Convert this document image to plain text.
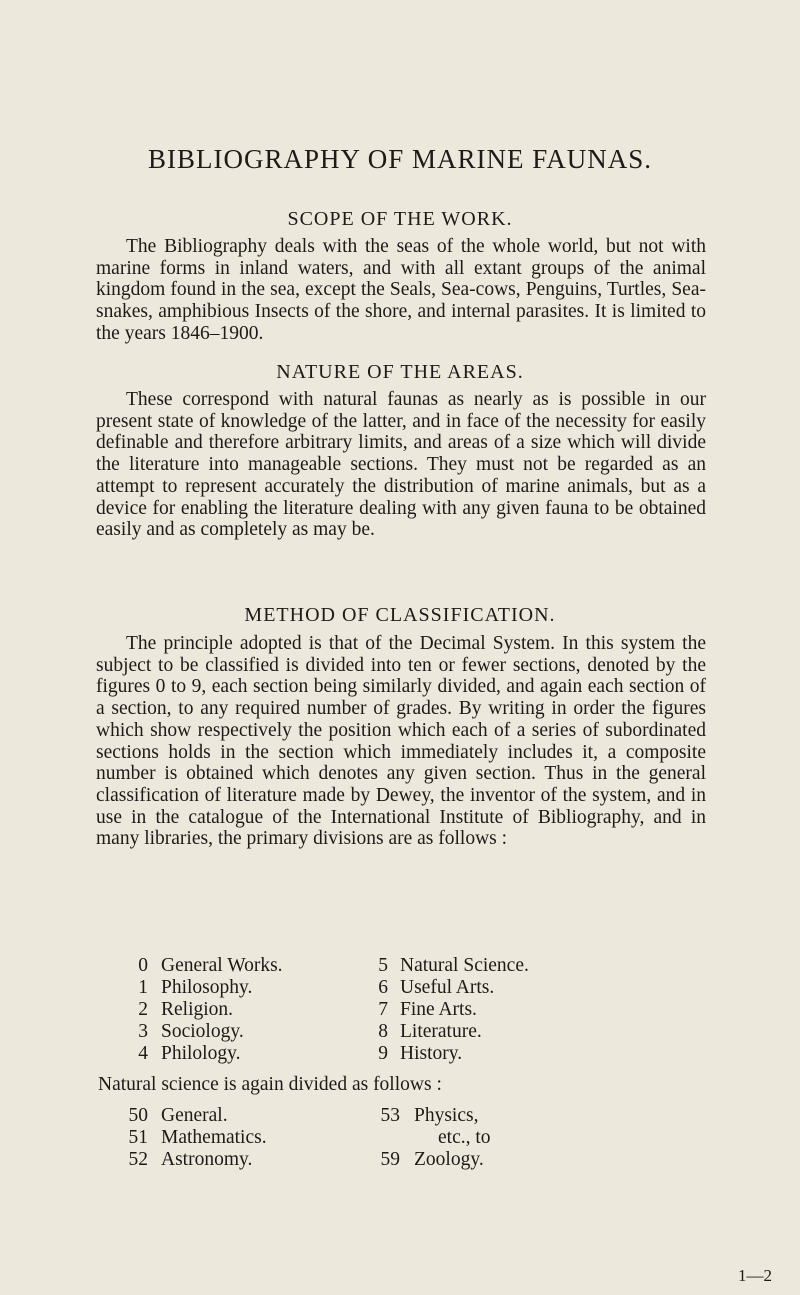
BIBLIOGRAPHY OF MARINE FAUNAS.
SCOPE OF THE WORK.

The Bibliography deals with the seas of the whole world, but not with marine forms in inland waters, and with all extant groups of the animal kingdom found in the sea, except the Seals, Sea-cows, Penguins, Turtles, Sea-snakes, amphibious Insects of the shore, and internal parasites. It is limited to the years 1846–1900.

NATURE OF THE AREAS.

These correspond with natural faunas as nearly as is possible in our present state of knowledge of the latter, and in face of the necessity for easily definable and therefore arbitrary limits, and areas of a size which will divide the literature into manageable sections. They must not be regarded as an attempt to represent accurately the distribution of marine animals, but as a device for enabling the literature dealing with any given fauna to be obtained easily and as completely as may be.

METHOD OF CLASSIFICATION.

The principle adopted is that of the Decimal System. In this system the subject to be classified is divided into ten or fewer sections, denoted by the figures 0 to 9, each section being similarly divided, and again each section of a section, to any required number of grades. By writing in order the figures which show respectively the position which each of a series of subordinated sections holds in the section which immediately includes it, a composite number is obtained which denotes any given section. Thus in the general classification of literature made by Dewey, the inventor of the system, and in use in the catalogue of the International Institute of Bibliography, and in many libraries, the primary divisions are as follows :

0 General Works.	5 Natural Science.
1 Philosophy.	6 Useful Arts.
2 Religion.	7 Fine Arts.
3 Sociology.	8 Literature.
4 Philology.	9 History.
Natural science is again divided as follows :
50 General.	53 Physics,
51 Mathematics.	etc., to
52 Astronomy.	59 Zoology.
1—2
